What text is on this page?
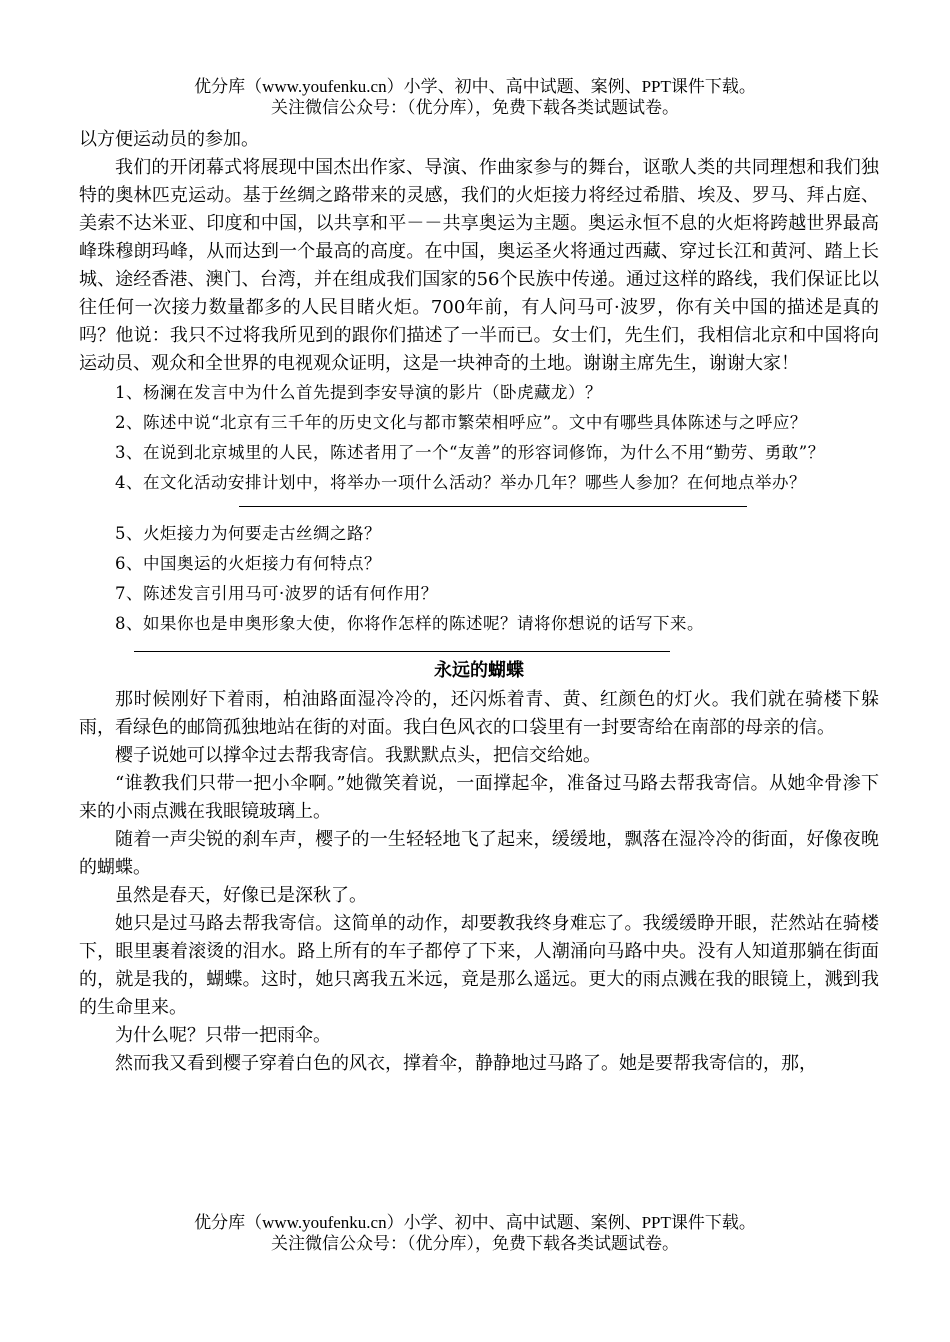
优分库（www.youfenku.cn）小学、初中、高中试题、案例、PPT课件下载。
关注微信公众号：（优分库），免费下载各类试题试卷。

以方便运动员的参加。

我们的开闭幕式将展现中国杰出作家、导演、作曲家参与的舞台，讴歌人类的共同理想和我们独特的奥林匹克运动。基于丝绸之路带来的灵感，我们的火炬接力将经过希腊、埃及、罗马、拜占庭、美索不达米亚、印度和中国，以共享和平－－共享奥运为主题。奥运永恒不息的火炬将跨越世界最高峰珠穆朗玛峰，从而达到一个最高的高度。在中国，奥运圣火将通过西藏、穿过长江和黄河、踏上长城、途经香港、澳门、台湾，并在组成我们国家的56个民族中传递。通过这样的路线，我们保证比以往任何一次接力数量都多的人民目睹火炬。700年前，有人问马可·波罗，你有关中国的描述是真的吗？他说：我只不过将我所见到的跟你们描述了一半而已。女士们，先生们，我相信北京和中国将向运动员、观众和全世界的电视观众证明，这是一块神奇的土地。谢谢主席先生，谢谢大家！

1、杨澜在发言中为什么首先提到李安导演的影片（卧虎藏龙）？

2、陈述中说“北京有三千年的历史文化与都市繁荣相呼应”。文中有哪些具体陈述与之呼应？

3、在说到北京城里的人民，陈述者用了一个“友善”的形容词修饰，为什么不用“勤劳、勇敢”？

4、在文化活动安排计划中，将举办一项什么活动？举办几年？哪些人参加？在何地点举办？

5、火炬接力为何要走古丝绸之路？

6、中国奥运的火炬接力有何特点？

7、陈述发言引用马可·波罗的话有何作用？

8、如果你也是申奥形象大使，你将作怎样的陈述呢？请将你想说的话写下来。

永远的蝴蝶

那时候刚好下着雨，柏油路面湿冷冷的，还闪烁着青、黄、红颜色的灯火。我们就在骑楼下躲雨，看绿色的邮筒孤独地站在街的对面。我白色风衣的口袋里有一封要寄给在南部的母亲的信。

樱子说她可以撑伞过去帮我寄信。我默默点头，把信交给她。

“谁教我们只带一把小伞啊。”她微笑着说，一面撑起伞，准备过马路去帮我寄信。从她伞骨渗下来的小雨点溅在我眼镜玻璃上。

随着一声尖锐的刹车声，樱子的一生轻轻地飞了起来，缓缓地，飘落在湿冷冷的街面，好像夜晚的蝴蝶。

虽然是春天，好像已是深秋了。

她只是过马路去帮我寄信。这简单的动作，却要教我终身难忘了。我缓缓睁开眼，茫然站在骑楼下，眼里裹着滚烫的泪水。路上所有的车子都停了下来，人潮涌向马路中央。没有人知道那躺在街面的，就是我的，蝴蝶。这时，她只离我五米远，竟是那么遥远。更大的雨点溅在我的眼镜上，溅到我的生命里来。

为什么呢？只带一把雨伞。

然而我又看到樱子穿着白色的风衣，撑着伞，静静地过马路了。她是要帮我寄信的，那，

优分库（www.youfenku.cn）小学、初中、高中试题、案例、PPT课件下载。
关注微信公众号：（优分库），免费下载各类试题试卷。
